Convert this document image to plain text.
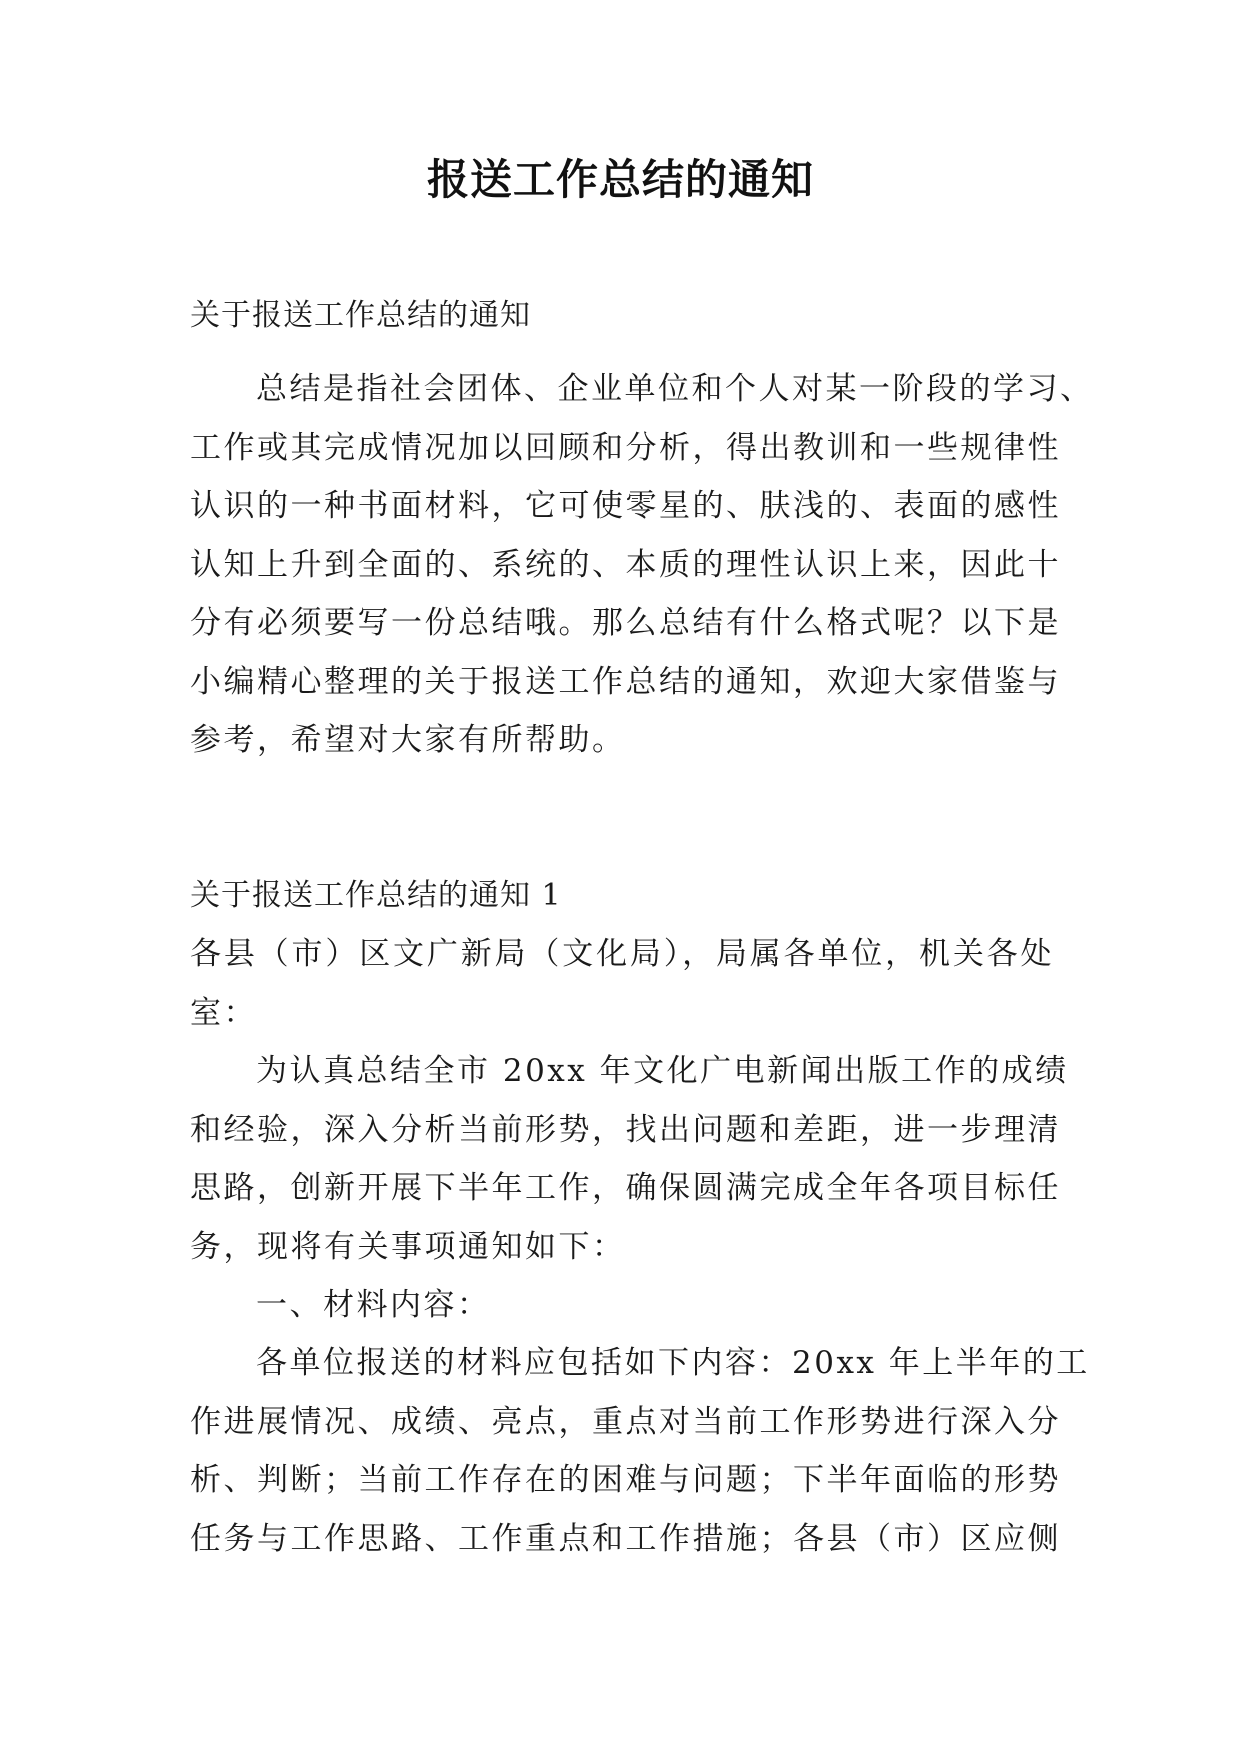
报送工作总结的通知
关于报送工作总结的通知
总结是指社会团体、企业单位和个人对某一阶段的学习、
工作或其完成情况加以回顾和分析，得出教训和一些规律性
认识的一种书面材料，它可使零星的、肤浅的、表面的感性
认知上升到全面的、系统的、本质的理性认识上来，因此十
分有必须要写一份总结哦。那么总结有什么格式呢？以下是
小编精心整理的关于报送工作总结的通知，欢迎大家借鉴与
参考，希望对大家有所帮助。
关于报送工作总结的通知 1
各县（市）区文广新局（文化局），局属各单位，机关各处
室：
为认真总结全市 20xx 年文化广电新闻出版工作的成绩
和经验，深入分析当前形势，找出问题和差距，进一步理清
思路，创新开展下半年工作，确保圆满完成全年各项目标任
务，现将有关事项通知如下：
一、材料内容：
各单位报送的材料应包括如下内容：20xx 年上半年的工
作进展情况、成绩、亮点，重点对当前工作形势进行深入分
析、判断；当前工作存在的困难与问题；下半年面临的形势
任务与工作思路、工作重点和工作措施；各县（市）区应侧
